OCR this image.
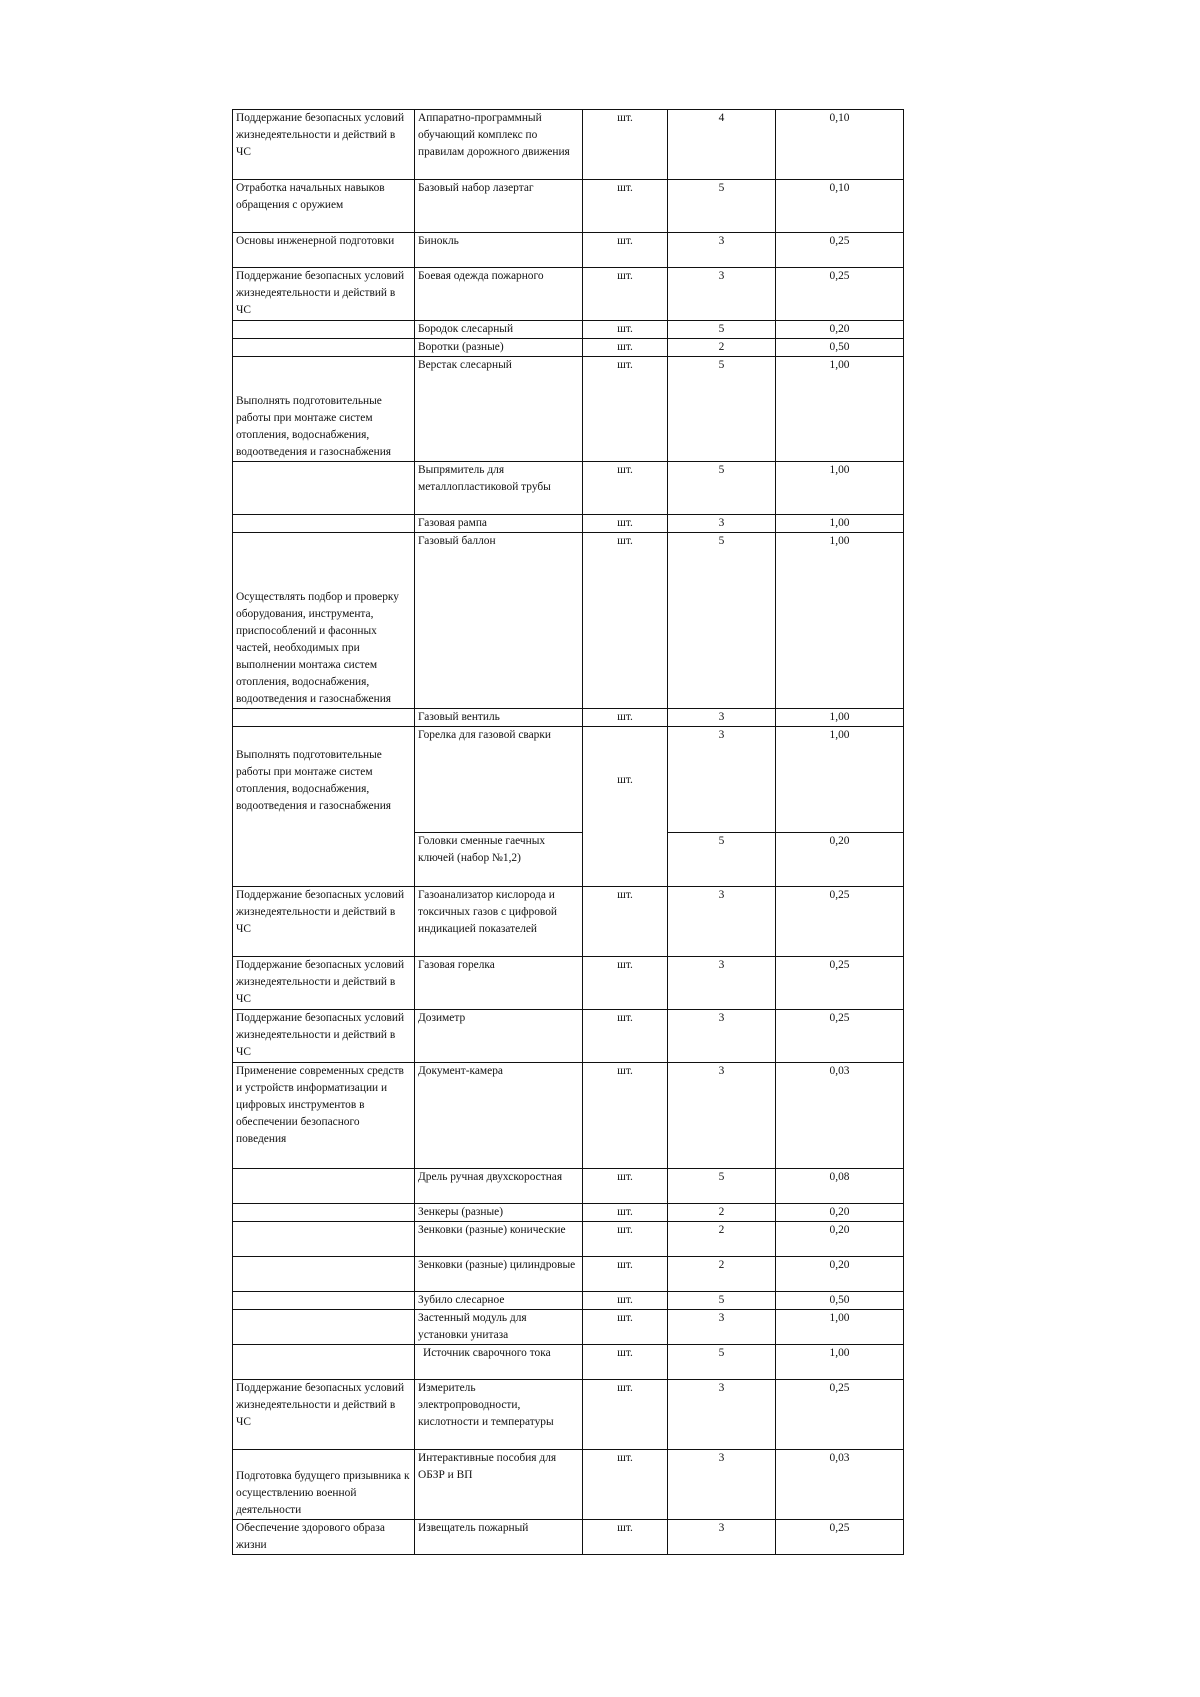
Поддержание безопасных условий жизнедеятельности и действий в ЧС	Аппаратно-программный обучающий комплекс по правилам дорожного движения	шт.	4	0,10
Отработка начальных навыков обращения с оружием	Базовый набор лазертаг	шт.	5	0,10
Основы инженерной подготовки	Бинокль	шт.	3	0,25
Поддержание безопасных условий жизнедеятельности и действий в ЧС	Боевая одежда пожарного	шт.	3	0,25
	Бородок слесарный	шт.	5	0,20
	Воротки (разные)	шт.	2	0,50
Выполнять подготовительные работы при монтаже систем отопления, водоснабжения, водоотведения и газоснабжения	Верстак слесарный	шт.	5	1,00
	Выпрямитель для металлопластиковой трубы	шт.	5	1,00
	Газовая рампа	шт.	3	1,00
Осуществлять подбор и проверку оборудования, инструмента, приспособлений и фасонных частей, необходимых при выполнении монтажа систем отопления, водоснабжения, водоотведения и газоснабжения	Газовый баллон	шт.	5	1,00
	Газовый вентиль	шт.	3	1,00
Выполнять подготовительные работы при монтаже систем отопления, водоснабжения, водоотведения и газоснабжения	Горелка для газовой сварки	шт.	3	1,00
	Головки сменные гаечных ключей (набор №1,2)		5	0,20
Поддержание безопасных условий жизнедеятельности и действий в ЧС	Газоанализатор кислорода и токсичных газов с цифровой индикацией показателей	шт.	3	0,25
Поддержание безопасных условий жизнедеятельности и действий в ЧС	Газовая горелка	шт.	3	0,25
Поддержание безопасных условий жизнедеятельности и действий в ЧС	Дозиметр	шт.	3	0,25
Применение современных средств и устройств информатизации и цифровых инструментов в обеспечении безопасного поведения	Документ-камера	шт.	3	0,03
	Дрель ручная двухскоростная	шт.	5	0,08
	Зенкеры (разные)	шт.	2	0,20
	Зенковки (разные) конические	шт.	2	0,20
	Зенковки (разные) цилиндровые	шт.	2	0,20
	Зубило слесарное	шт.	5	0,50
	Застенный модуль для установки унитаза	шт.	3	1,00
	Источник сварочного тока	шт.	5	1,00
Поддержание безопасных условий жизнедеятельности и действий в ЧС	Измеритель электропроводности, кислотности и температуры	шт.	3	0,25
Подготовка будущего призывника к осуществлению военной деятельности	Интерактивные пособия для ОБЗР и ВП	шт.	3	0,03
Обеспечение здорового образа жизни	Извещатель пожарный	шт.	3	0,25
